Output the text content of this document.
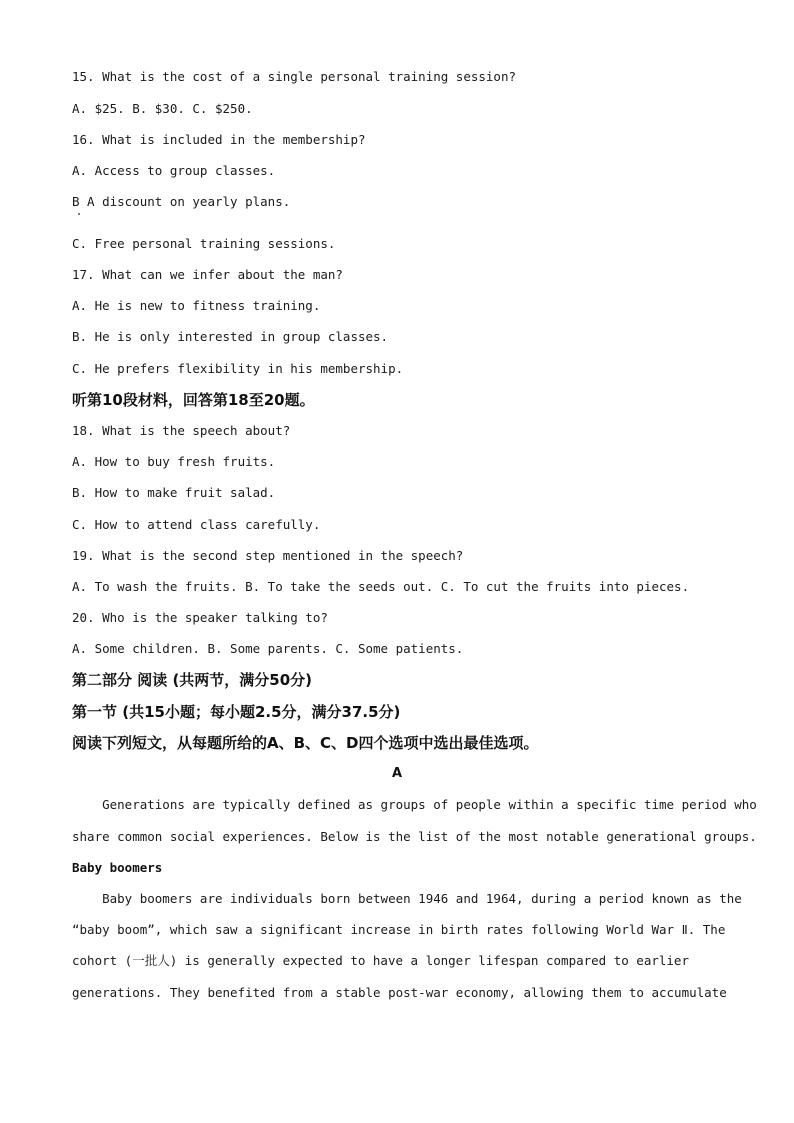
15. What is the cost of a single personal training session?
A. $25. B. $30. C. $250.
16. What is included in the membership?
A. Access to group classes.
B A discount on yearly plans.
C. Free personal training sessions.
17. What can we infer about the man?
A. He is new to fitness training.
B. He is only interested in group classes.
C. He prefers flexibility in his membership.
听第10段材料，回答第18至20题。
18. What is the speech about?
A. How to buy fresh fruits.
B. How to make fruit salad.
C. How to attend class carefully.
19. What is the second step mentioned in the speech?
A. To wash the fruits. B. To take the seeds out. C. To cut the fruits into pieces.
20. Who is the speaker talking to?
A. Some children. B. Some parents. C. Some patients.
第二部分 阅读 (共两节，满分50分)
第一节 (共15小题；每小题2.5分，满分37.5分)
阅读下列短文，从每题所给的A、B、C、D四个选项中选出最佳选项。
A
Generations are typically defined as groups of people within a specific time period who
share common social experiences. Below is the list of the most notable generational groups.
Baby boomers
Baby boomers are individuals born between 1946 and 1964, during a period known as the
“baby boom”, which saw a significant increase in birth rates following World War Ⅱ. The
cohort (一批人) is generally expected to have a longer lifespan compared to earlier
generations. They benefited from a stable post-war economy, allowing them to accumulate
